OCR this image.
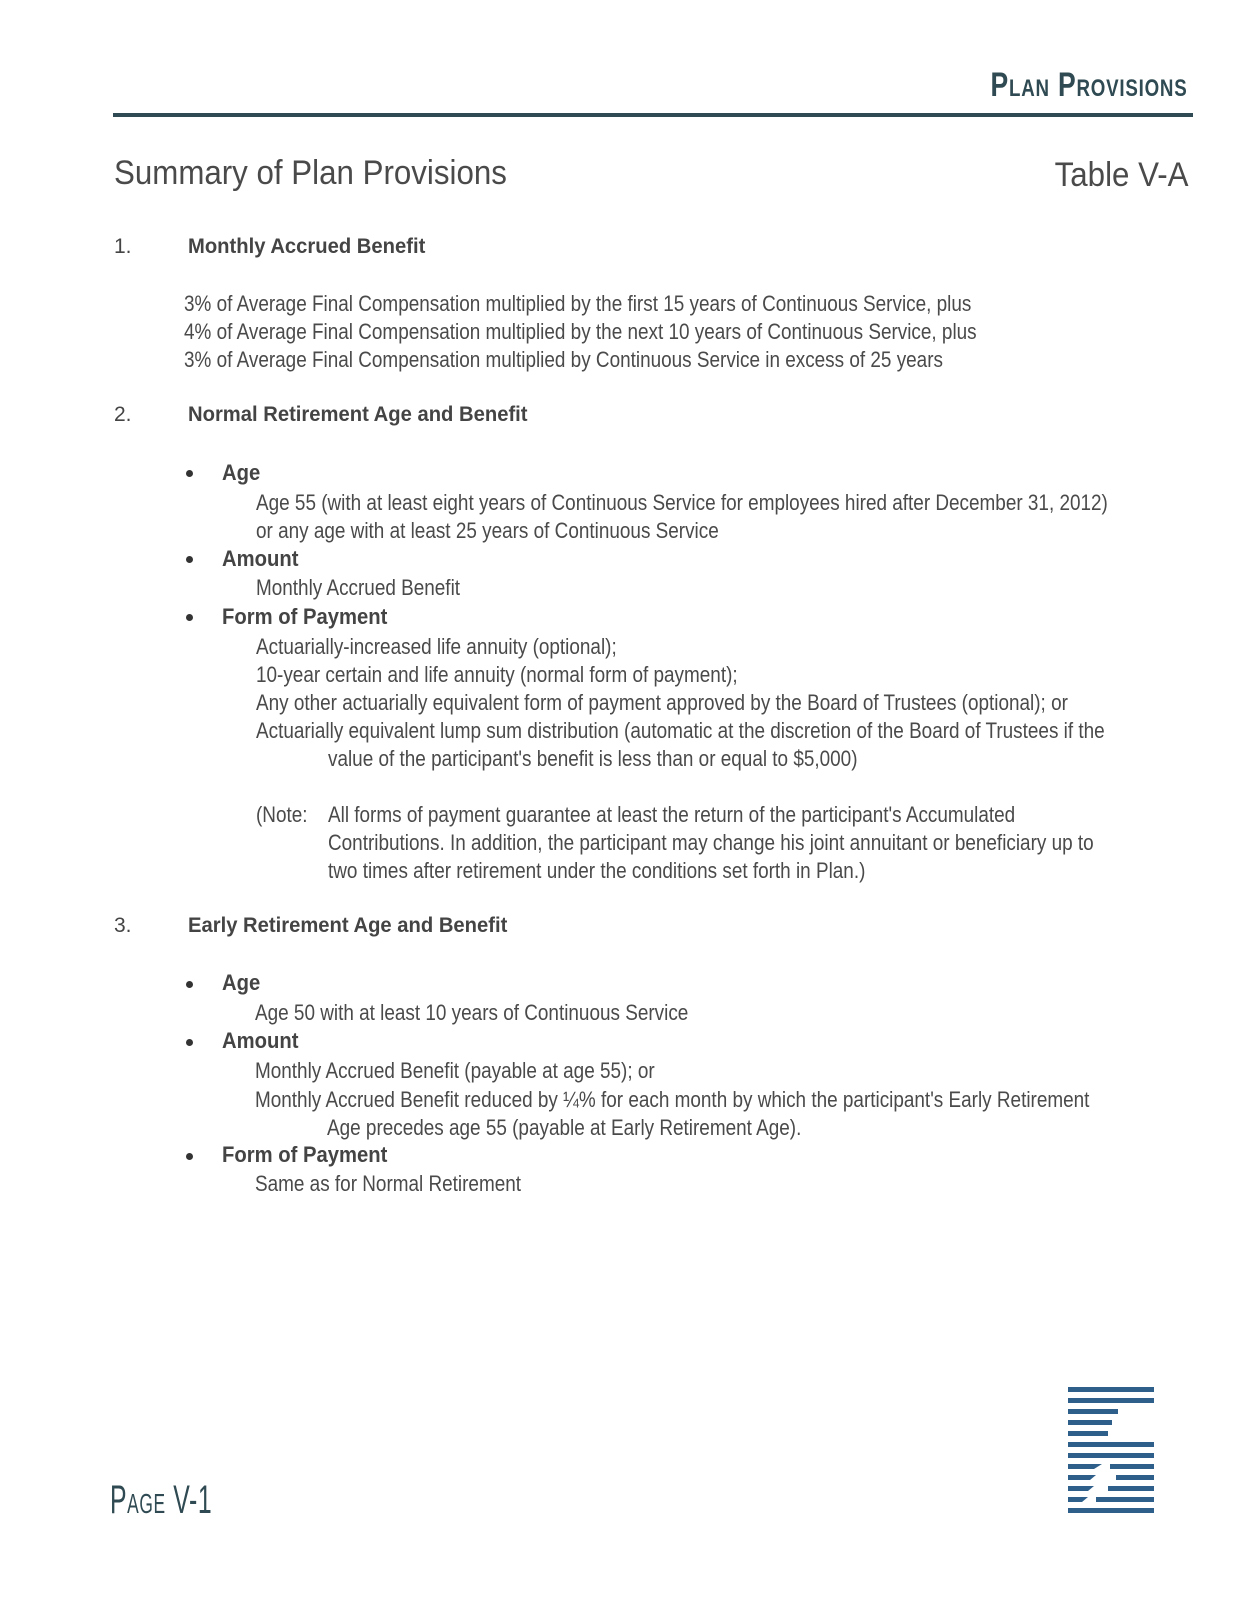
Plan Provisions
Summary of Plan Provisions	Table V-A
1.	Monthly Accrued Benefit
3% of Average Final Compensation multiplied by the first 15 years of Continuous Service, plus
4% of Average Final Compensation multiplied by the next 10 years of Continuous Service, plus
3% of Average Final Compensation multiplied by Continuous Service in excess of 25 years
2.	Normal Retirement Age and Benefit
Age
Age 55 (with at least eight years of Continuous Service for employees hired after December 31, 2012)
or any age with at least 25 years of Continuous Service
Amount
Monthly Accrued Benefit
Form of Payment
Actuarially-increased life annuity (optional);
10-year certain and life annuity (normal form of payment);
Any other actuarially equivalent form of payment approved by the Board of Trustees (optional); or
Actuarially equivalent lump sum distribution (automatic at the discretion of the Board of Trustees if the
value of the participant's benefit is less than or equal to $5,000)
(Note: All forms of payment guarantee at least the return of the participant's Accumulated
Contributions. In addition, the participant may change his joint annuitant or beneficiary up to
two times after retirement under the conditions set forth in Plan.)
3.	Early Retirement Age and Benefit
Age
Age 50 with at least 10 years of Continuous Service
Amount
Monthly Accrued Benefit (payable at age 55); or
Monthly Accrued Benefit reduced by ¼% for each month by which the participant's Early Retirement
Age precedes age 55 (payable at Early Retirement Age).
Form of Payment
Same as for Normal Retirement
Page V-1
